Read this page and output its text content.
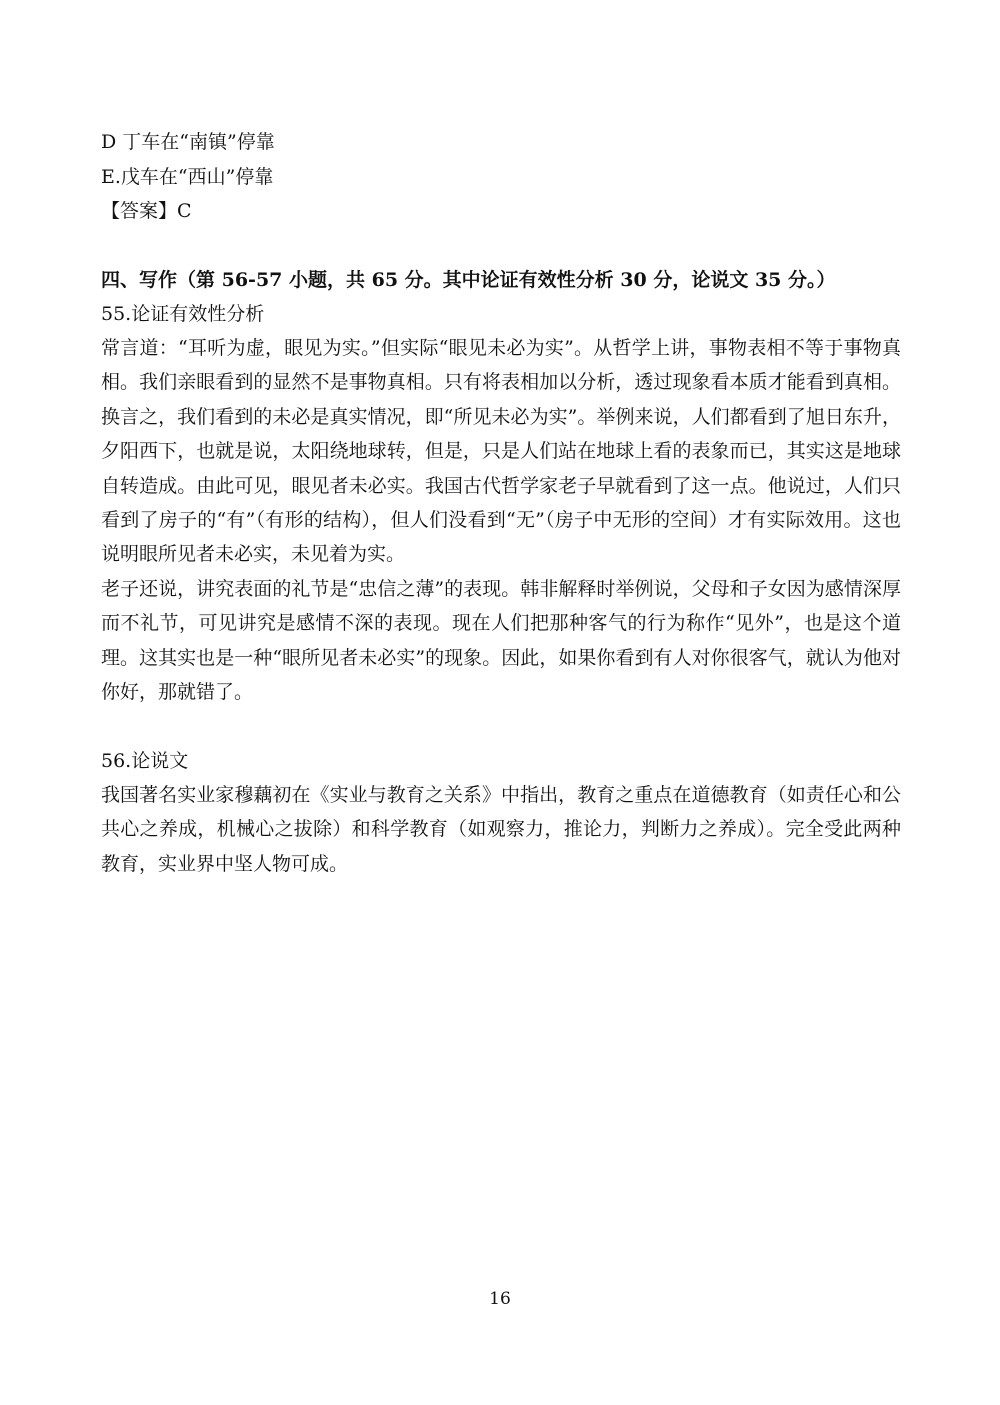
D 丁车在“南镇”停靠
E.戊车在“西山”停靠
【答案】C
四、写作（第 56-57 小题，共 65 分。其中论证有效性分析 30 分，论说文 35 分。）
55.论证有效性分析

常言道：“耳听为虚，眼见为实。”但实际“眼见未必为实”。从哲学上讲，事物表相不等于事物真相。我们亲眼看到的显然不是事物真相。只有将表相加以分析，透过现象看本质才能看到真相。换言之，我们看到的未必是真实情况，即“所见未必为实”。举例来说，人们都看到了旭日东升，夕阳西下，也就是说，太阳绕地球转，但是，只是人们站在地球上看的表象而已，其实这是地球自转造成。由此可见，眼见者未必实。我国古代哲学家老子早就看到了这一点。他说过，人们只看到了房子的“有”（有形的结构），但人们没看到“无”（房子中无形的空间）才有实际效用。这也说明眼所见者未必实，未见着为实。

老子还说，讲究表面的礼节是“忠信之薄”的表现。韩非解释时举例说，父母和子女因为感情深厚而不礼节，可见讲究是感情不深的表现。现在人们把那种客气的行为称作“见外”，也是这个道理。这其实也是一种“眼所见者未必实”的现象。因此，如果你看到有人对你很客气，就认为他对你好，那就错了。

56.论说文

我国著名实业家穆藕初在《实业与教育之关系》中指出，教育之重点在道德教育（如责任心和公共心之养成，机械心之拔除）和科学教育（如观察力，推论力，判断力之养成）。完全受此两种教育，实业界中坚人物可成。

16
